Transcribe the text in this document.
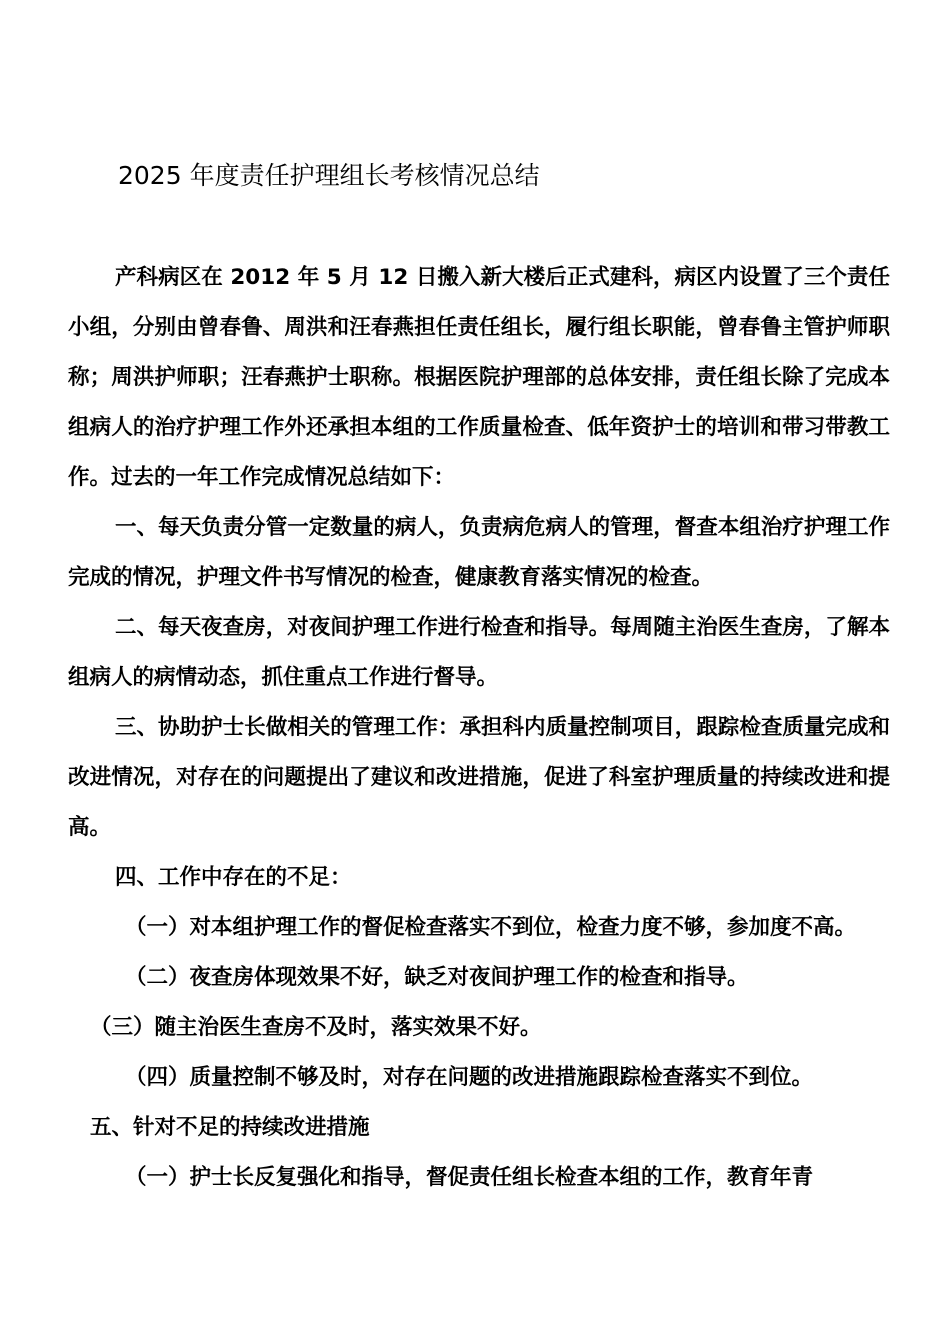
2025 年度责任护理组长考核情况总结

产科病区在 2012 年 5 月 12 日搬入新大楼后正式建科，病区内设置了三个责任小组，分别由曾春鲁、周洪和汪春燕担任责任组长，履行组长职能，曾春鲁主管护师职称；周洪护师职；汪春燕护士职称。根据医院护理部的总体安排，责任组长除了完成本组病人的治疗护理工作外还承担本组的工作质量检查、低年资护士的培训和带习带教工作。过去的一年工作完成情况总结如下：

一、每天负责分管一定数量的病人，负责病危病人的管理，督查本组治疗护理工作完成的情况，护理文件书写情况的检查，健康教育落实情况的检查。

二、每天夜查房，对夜间护理工作进行检查和指导。每周随主治医生查房，了解本组病人的病情动态，抓住重点工作进行督导。

三、协助护士长做相关的管理工作：承担科内质量控制项目，跟踪检查质量完成和改进情况，对存在的问题提出了建议和改进措施，促进了科室护理质量的持续改进和提高。

四、工作中存在的不足：

（一）对本组护理工作的督促检查落实不到位，检查力度不够，参加度不高。

（二）夜查房体现效果不好，缺乏对夜间护理工作的检查和指导。

（三）随主治医生查房不及时，落实效果不好。

（四）质量控制不够及时，对存在问题的改进措施跟踪检查落实不到位。

五、针对不足的持续改进措施

（一）护士长反复强化和指导，督促责任组长检查本组的工作，教育年青
